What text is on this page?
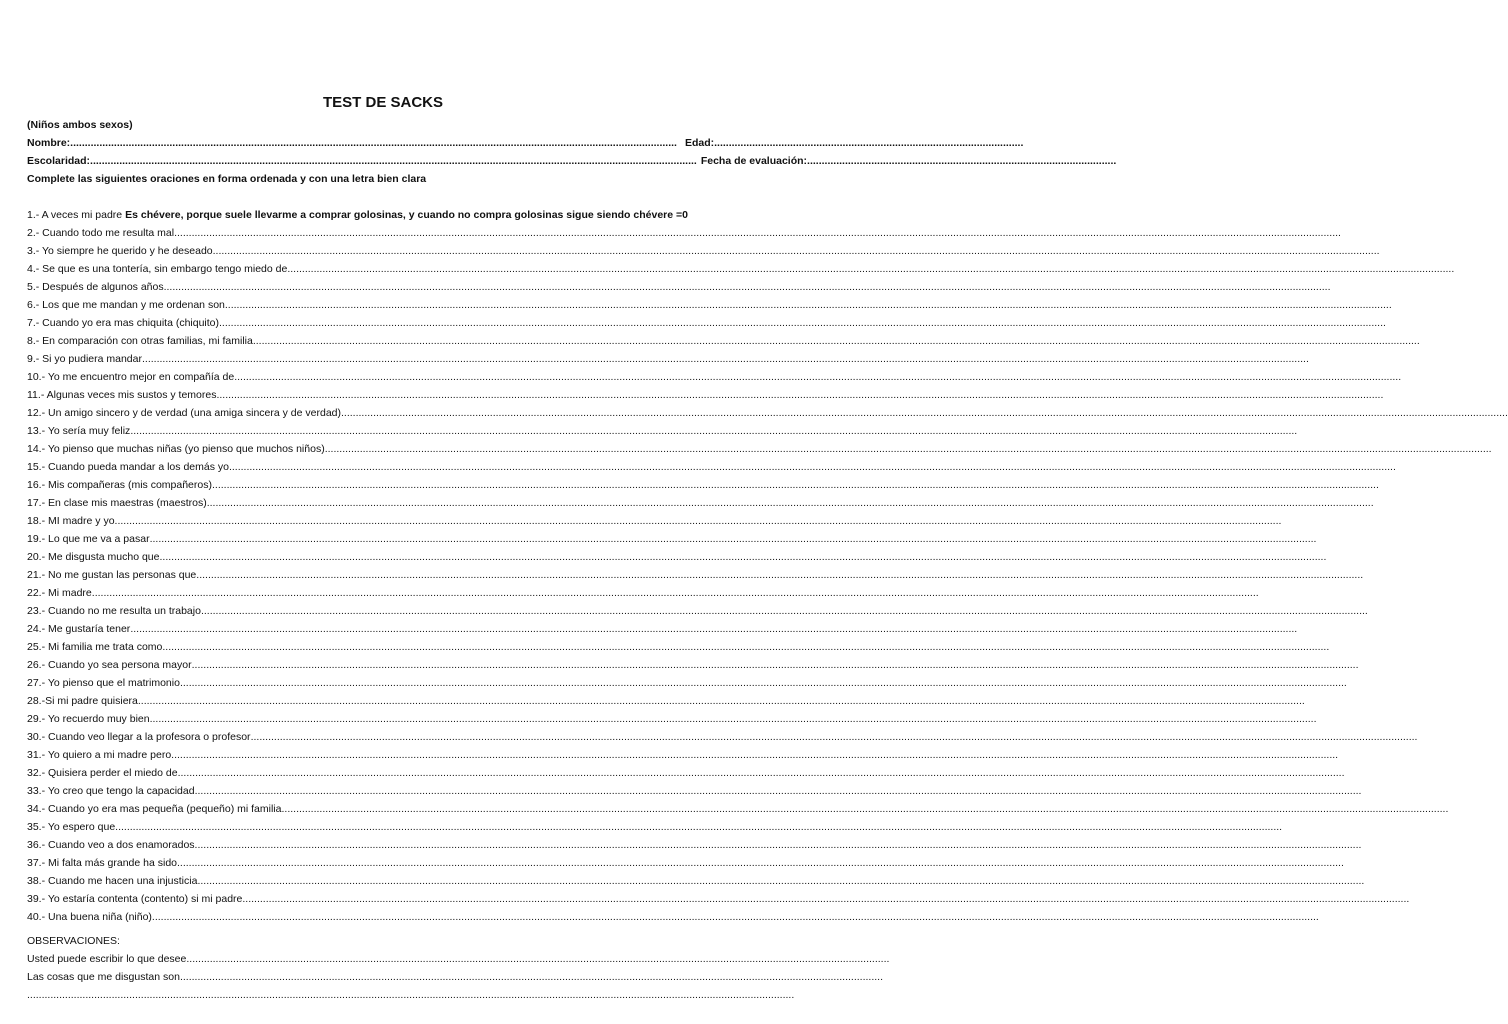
TEST DE SACKS
(Niños ambos sexos)
Nombre: ................................................................................................................................................................................................................ Edad: ..........................................................................................................
Escolaridad: ................................................................................................................................................................................................................ Fecha de evaluación: ..........................................................................................................
Complete las siguientes oraciones en forma ordenada y con una letra bien clara
1.- A veces mi padre Es chévere, porque suele llevarme a comprar golosinas, y cuando no compra golosinas sigue siendo chévere =0
2.- Cuando todo me resulta mal ................................................................................................................................................................................................................................................................................................................................................................................................................
3.- Yo siempre he querido y he deseado ................................................................................................................................................................................................................................................................................................................................................................................................................
4.- Se que es una tontería, sin embargo tengo miedo de ................................................................................................................................................................................................................................................................................................................................................................................................................
5.- Después de algunos años ................................................................................................................................................................................................................................................................................................................................................................................................................
6.- Los que me mandan y me ordenan son ................................................................................................................................................................................................................................................................................................................................................................................................................
7.- Cuando yo era mas chiquita (chiquito) ................................................................................................................................................................................................................................................................................................................................................................................................................
8.- En comparación con otras familias, mi familia ................................................................................................................................................................................................................................................................................................................................................................................................................
9.- Si yo pudiera mandar ................................................................................................................................................................................................................................................................................................................................................................................................................
10.- Yo me encuentro mejor en compañía de ................................................................................................................................................................................................................................................................................................................................................................................................................
11.- Algunas veces mis sustos y temores ................................................................................................................................................................................................................................................................................................................................................................................................................
12.- Un amigo sincero y de verdad (una amiga sincera y de verdad) ................................................................................................................................................................................................................................................................................................................................................................................................................
13.- Yo sería muy feliz ................................................................................................................................................................................................................................................................................................................................................................................................................
14.- Yo pienso que muchas niñas (yo pienso que muchos niños) ................................................................................................................................................................................................................................................................................................................................................................................................................
15.- Cuando pueda mandar a los demás yo ................................................................................................................................................................................................................................................................................................................................................................................................................
16.- Mis compañeras (mis compañeros) ................................................................................................................................................................................................................................................................................................................................................................................................................
17.- En clase mis maestras (maestros) ................................................................................................................................................................................................................................................................................................................................................................................................................
18.- MI madre y yo ................................................................................................................................................................................................................................................................................................................................................................................................................
19.- Lo que me va a pasar ................................................................................................................................................................................................................................................................................................................................................................................................................
20.- Me disgusta mucho que ................................................................................................................................................................................................................................................................................................................................................................................................................
21.- No me gustan las personas que ................................................................................................................................................................................................................................................................................................................................................................................................................
22.- Mi madre ................................................................................................................................................................................................................................................................................................................................................................................................................
23.- Cuando no me resulta un trabajo ................................................................................................................................................................................................................................................................................................................................................................................................................
24.- Me gustaría tener ................................................................................................................................................................................................................................................................................................................................................................................................................
25.- Mi familia me trata como ................................................................................................................................................................................................................................................................................................................................................................................................................
26.- Cuando yo sea persona mayor ................................................................................................................................................................................................................................................................................................................................................................................................................
27.- Yo pienso que el matrimonio ................................................................................................................................................................................................................................................................................................................................................................................................................
28.-Si mi padre quisiera ................................................................................................................................................................................................................................................................................................................................................................................................................
29.- Yo recuerdo muy bien ................................................................................................................................................................................................................................................................................................................................................................................................................
30.- Cuando veo llegar a la profesora o profesor ................................................................................................................................................................................................................................................................................................................................................................................................................
31.- Yo quiero a mi madre pero ................................................................................................................................................................................................................................................................................................................................................................................................................
32.- Quisiera perder el miedo de ................................................................................................................................................................................................................................................................................................................................................................................................................
33.- Yo creo que tengo la capacidad ................................................................................................................................................................................................................................................................................................................................................................................................................
34.- Cuando yo era mas pequeña (pequeño) mi familia ................................................................................................................................................................................................................................................................................................................................................................................................................
35.- Yo espero que ................................................................................................................................................................................................................................................................................................................................................................................................................
36.- Cuando veo a dos enamorados ................................................................................................................................................................................................................................................................................................................................................................................................................
37.- Mi falta más grande ha sido ................................................................................................................................................................................................................................................................................................................................................................................................................
38.- Cuando me hacen una injusticia ................................................................................................................................................................................................................................................................................................................................................................................................................
39.- Yo estaría contenta (contento) si mi padre ................................................................................................................................................................................................................................................................................................................................................................................................................
40.- Una buena niña (niño) ................................................................................................................................................................................................................................................................................................................................................................................................................
OBSERVACIONES:
Usted puede escribir lo que desee .................................................................................................................................................................................................................................................
Las cosas que me disgustan son .................................................................................................................................................................................................................................................
.......................................................................................................................................................................................................................................................................
